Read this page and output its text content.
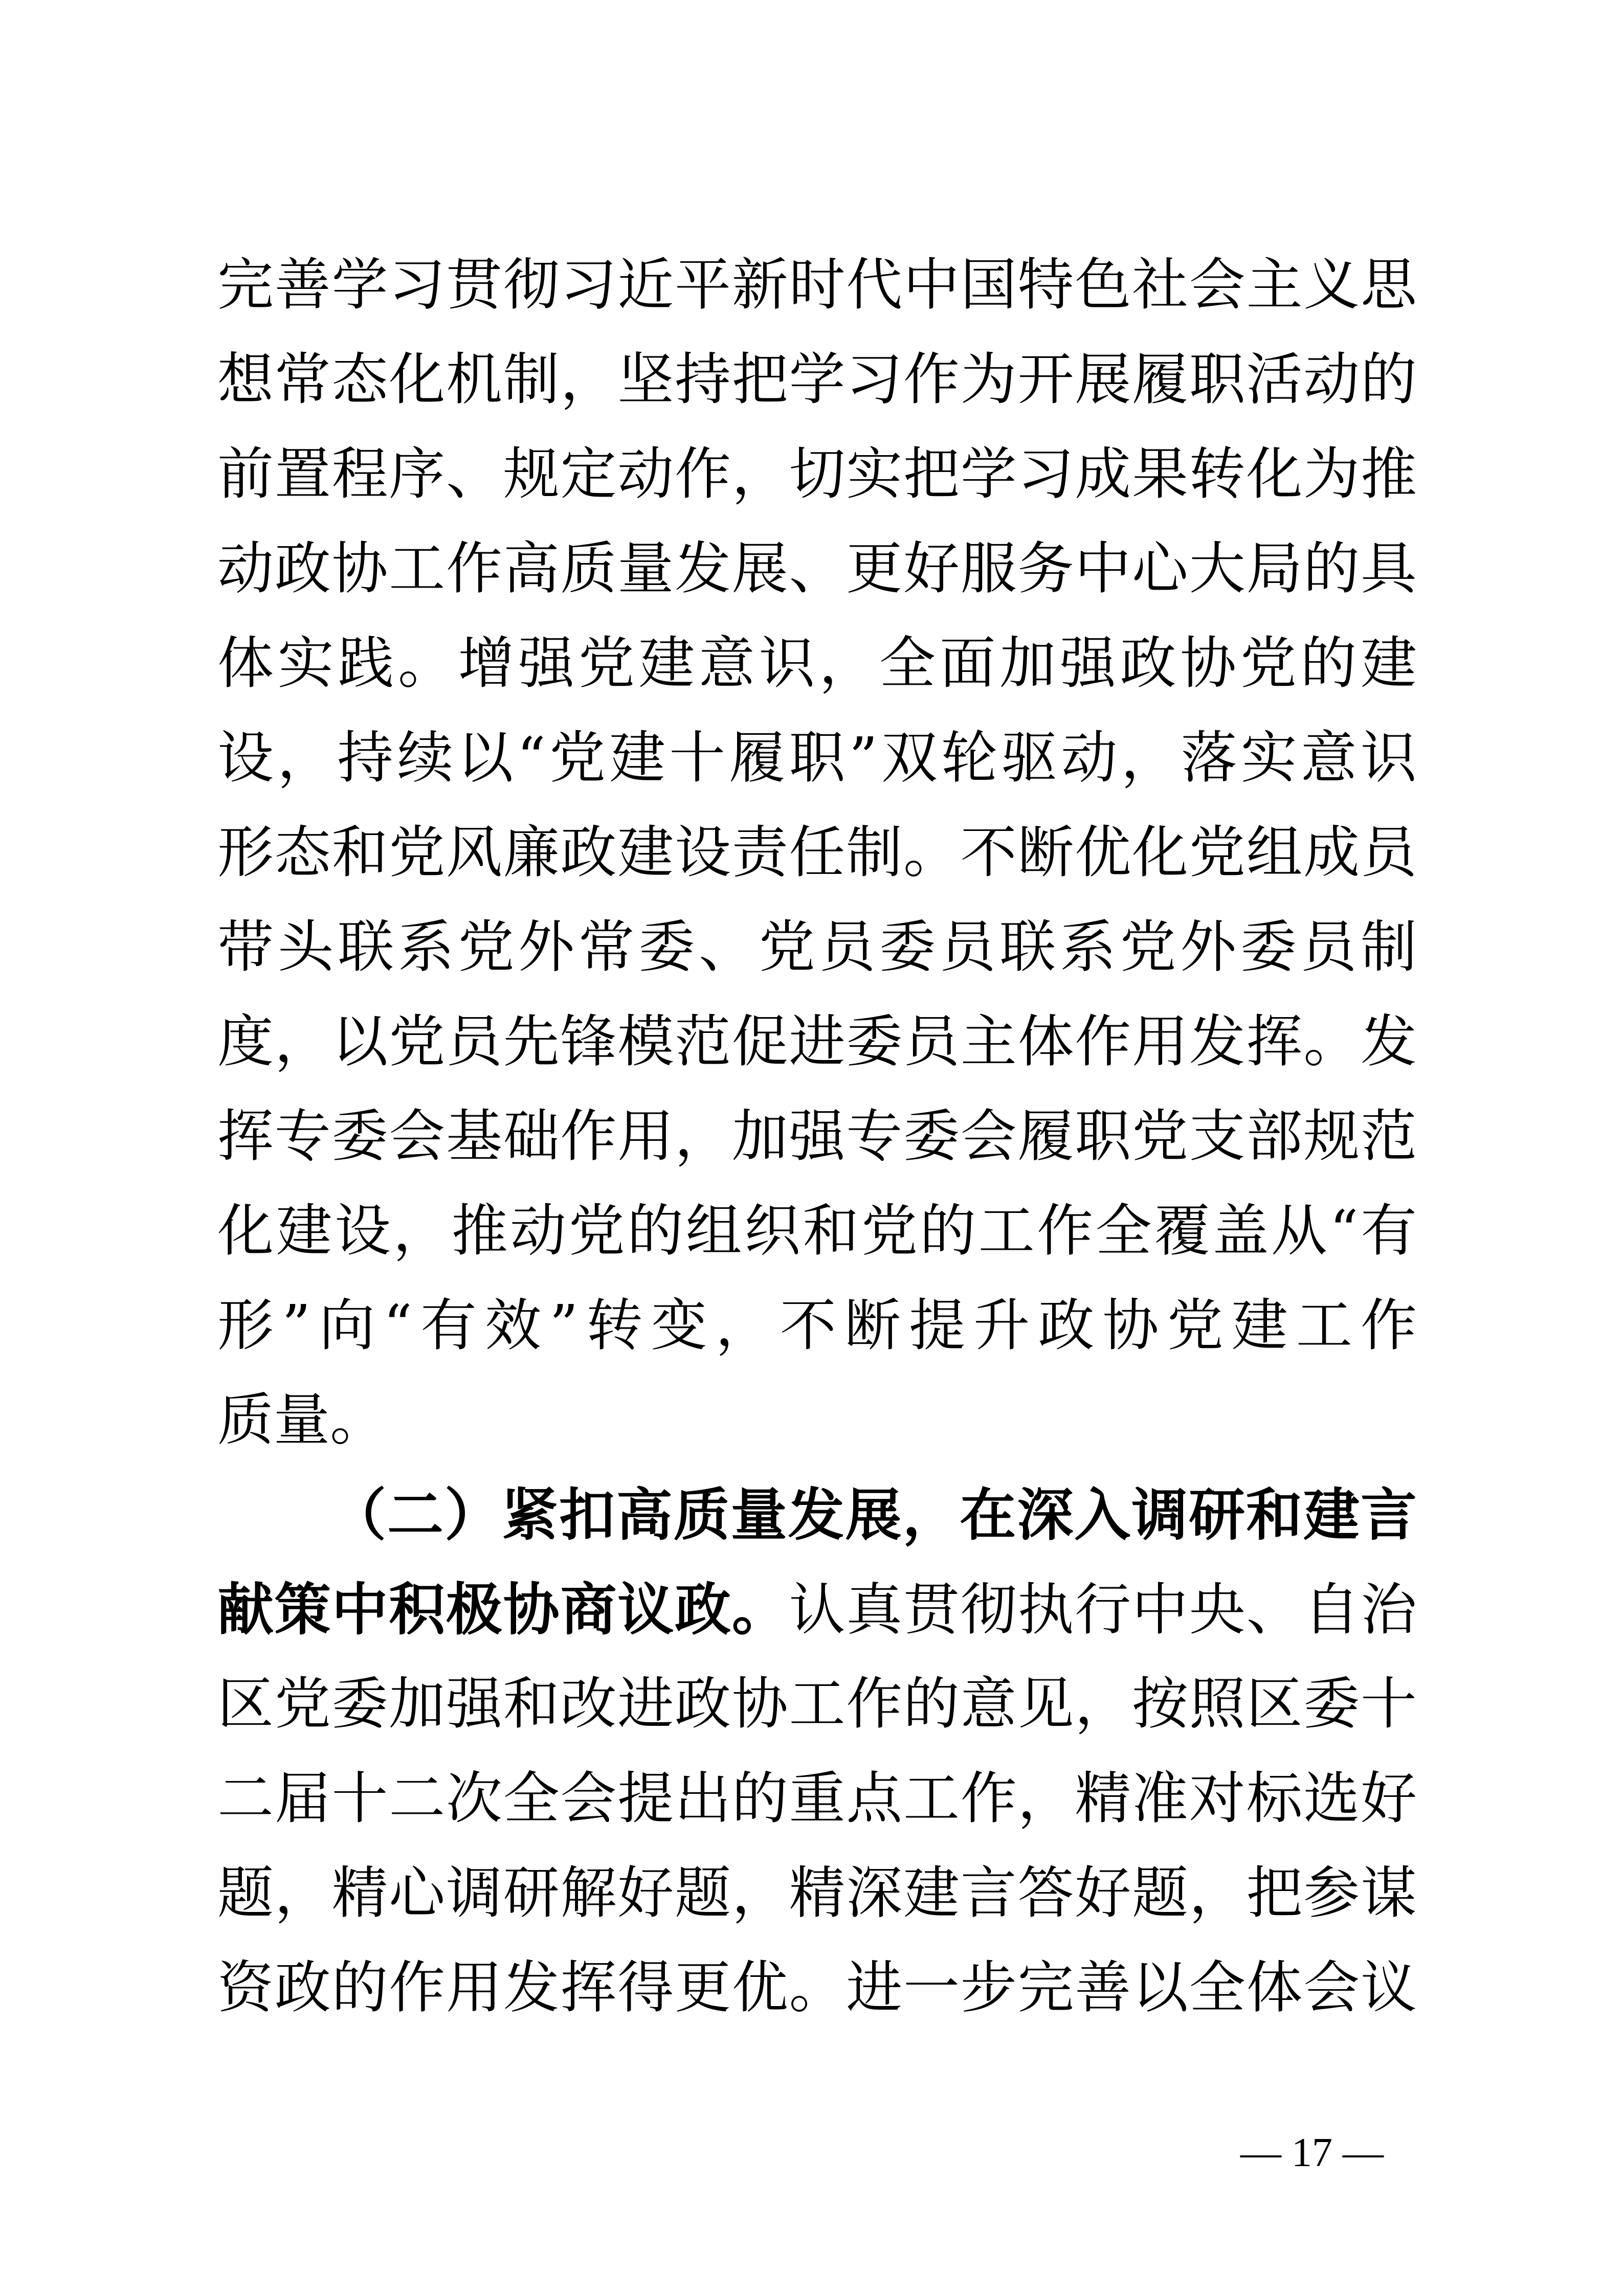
完善学习贯彻习近平新时代中国特色社会主义思
想常态化机制，坚持把学习作为开展履职活动的
前置程序、规定动作，切实把学习成果转化为推
动政协工作高质量发展、更好服务中心大局的具
体实践。增强党建意识，全面加强政协党的建
设，持续以“党建十履职”双轮驱动，落实意识
形态和党风廉政建设责任制。不断优化党组成员
带头联系党外常委、党员委员联系党外委员制
度，以党员先锋模范促进委员主体作用发挥。发
挥专委会基础作用，加强专委会履职党支部规范
化建设，推动党的组织和党的工作全覆盖从“有
形”向“有效”转变，不断提升政协党建工作
质量。
（二）紧扣高质量发展，在深入调研和建言
献策中积极协商议政。认真贯彻执行中央、自治
区党委加强和改进政协工作的意见，按照区委十
二届十二次全会提出的重点工作，精准对标选好
题，精心调研解好题，精深建言答好题，把参谋
资政的作用发挥得更优。进一步完善以全体会议
— 17 —
